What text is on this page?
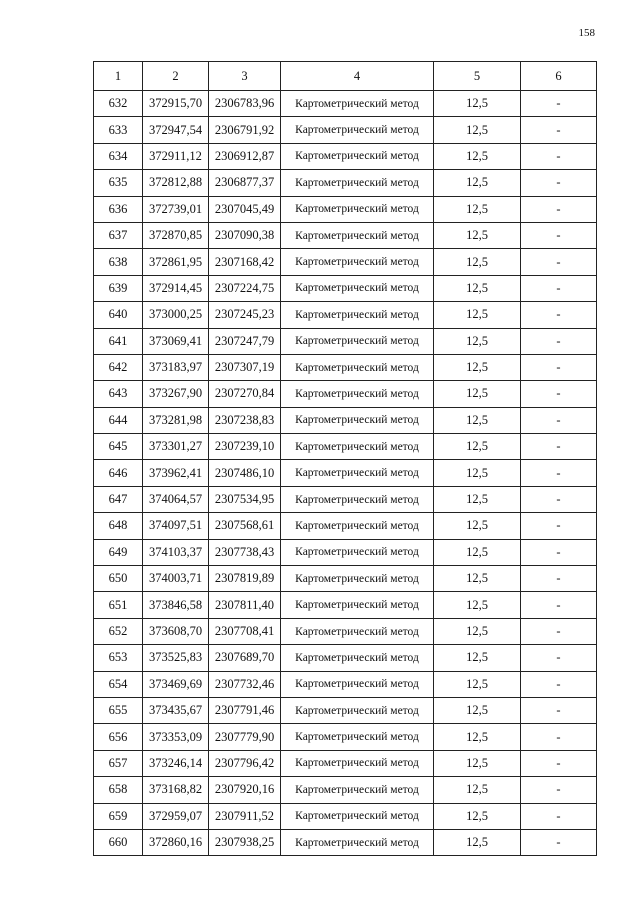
158
1	2	3	4	5	6
632	372915,70	2306783,96	Картометрический метод	12,5	-
633	372947,54	2306791,92	Картометрический метод	12,5	-
634	372911,12	2306912,87	Картометрический метод	12,5	-
635	372812,88	2306877,37	Картометрический метод	12,5	-
636	372739,01	2307045,49	Картометрический метод	12,5	-
637	372870,85	2307090,38	Картометрический метод	12,5	-
638	372861,95	2307168,42	Картометрический метод	12,5	-
639	372914,45	2307224,75	Картометрический метод	12,5	-
640	373000,25	2307245,23	Картометрический метод	12,5	-
641	373069,41	2307247,79	Картометрический метод	12,5	-
642	373183,97	2307307,19	Картометрический метод	12,5	-
643	373267,90	2307270,84	Картометрический метод	12,5	-
644	373281,98	2307238,83	Картометрический метод	12,5	-
645	373301,27	2307239,10	Картометрический метод	12,5	-
646	373962,41	2307486,10	Картометрический метод	12,5	-
647	374064,57	2307534,95	Картометрический метод	12,5	-
648	374097,51	2307568,61	Картометрический метод	12,5	-
649	374103,37	2307738,43	Картометрический метод	12,5	-
650	374003,71	2307819,89	Картометрический метод	12,5	-
651	373846,58	2307811,40	Картометрический метод	12,5	-
652	373608,70	2307708,41	Картометрический метод	12,5	-
653	373525,83	2307689,70	Картометрический метод	12,5	-
654	373469,69	2307732,46	Картометрический метод	12,5	-
655	373435,67	2307791,46	Картометрический метод	12,5	-
656	373353,09	2307779,90	Картометрический метод	12,5	-
657	373246,14	2307796,42	Картометрический метод	12,5	-
658	373168,82	2307920,16	Картометрический метод	12,5	-
659	372959,07	2307911,52	Картометрический метод	12,5	-
660	372860,16	2307938,25	Картометрический метод	12,5	-
